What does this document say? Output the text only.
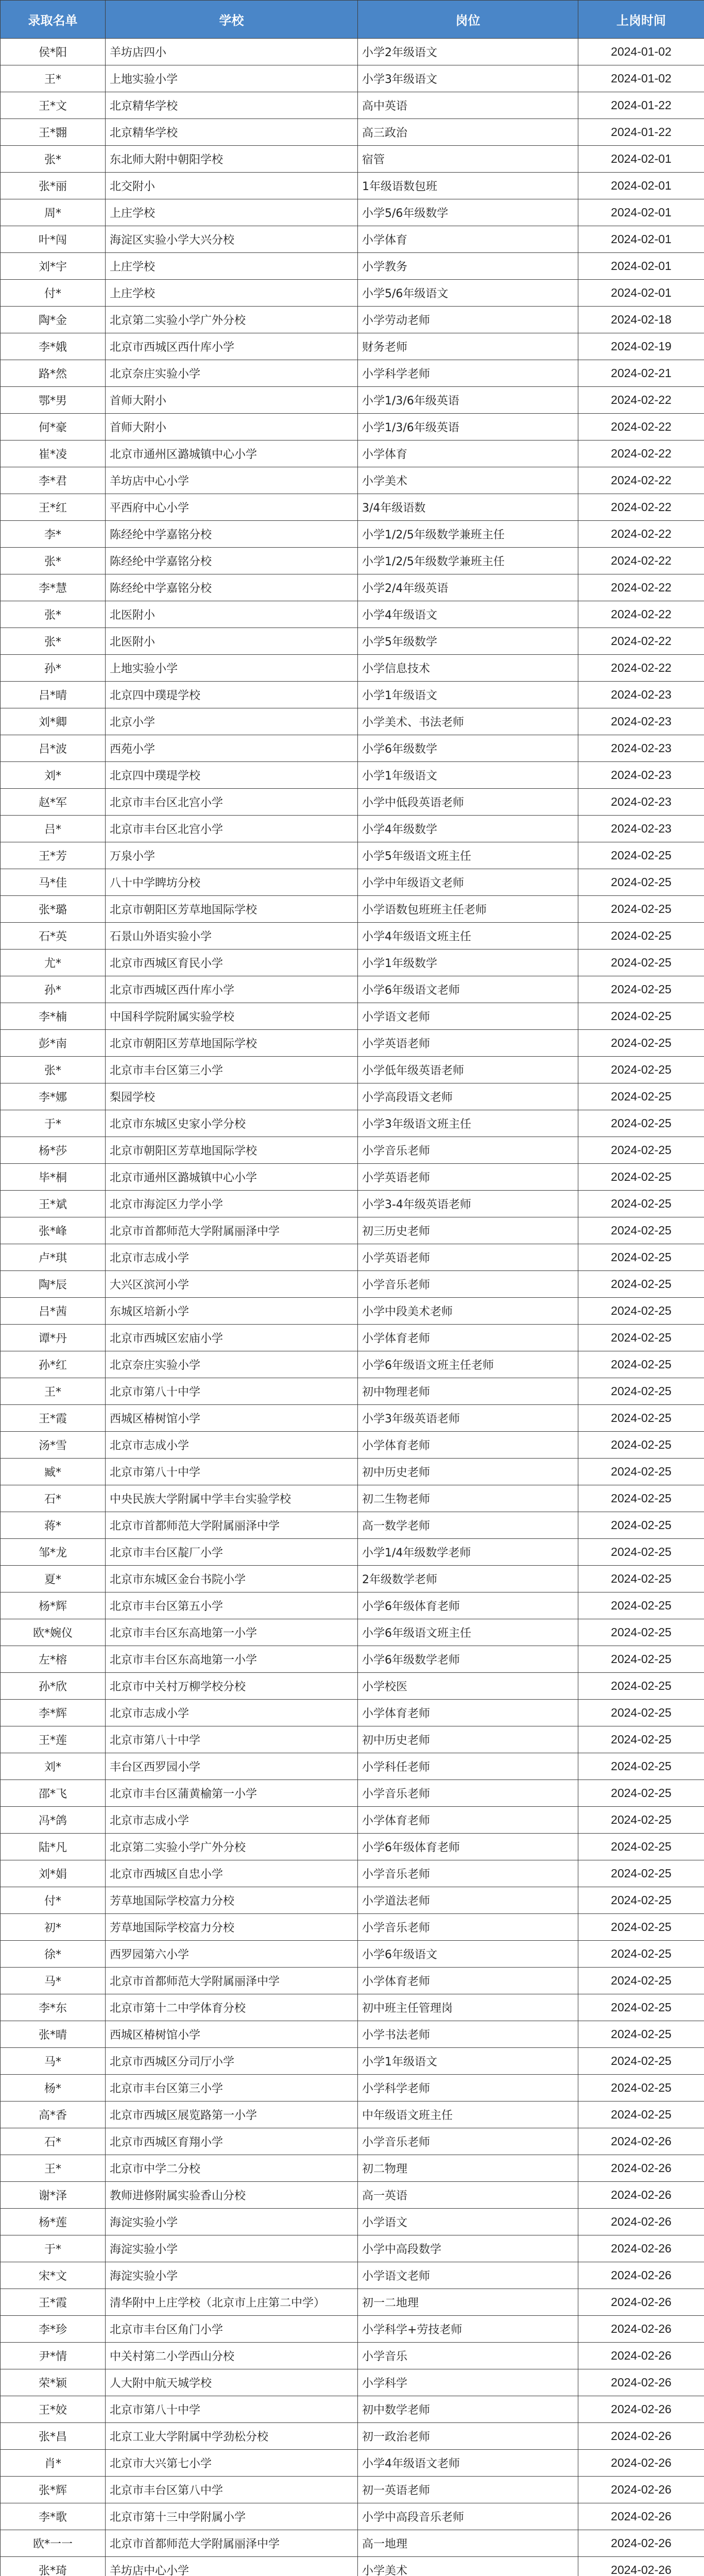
录取名单	学校	岗位	上岗时间
侯*阳	羊坊店四小	小学2年级语文	2024-01-02
王*	上地实验小学	小学3年级语文	2024-01-02
王*文	北京精华学校	高中英语	2024-01-22
王*翾	北京精华学校	高三政治	2024-01-22
张*	东北师大附中朝阳学校	宿管	2024-02-01
张*丽	北交附小	1年级语数包班	2024-02-01
周*	上庄学校	小学5/6年级数学	2024-02-01
叶*闯	海淀区实验小学大兴分校	小学体育	2024-02-01
刘*宇	上庄学校	小学教务	2024-02-01
付*	上庄学校	小学5/6年级语文	2024-02-01
陶*金	北京第二实验小学广外分校	小学劳动老师	2024-02-18
李*娥	北京市西城区西什库小学	财务老师	2024-02-19
路*然	北京奈庄实验小学	小学科学老师	2024-02-21
鄂*男	首师大附小	小学1/3/6年级英语	2024-02-22
何*豪	首师大附小	小学1/3/6年级英语	2024-02-22
崔*凌	北京市通州区潞城镇中心小学	小学体育	2024-02-22
李*君	羊坊店中心小学	小学美术	2024-02-22
王*红	平西府中心小学	3/4年级语数	2024-02-22
李*	陈经纶中学嘉铭分校	小学1/2/5年级数学兼班主任	2024-02-22
张*	陈经纶中学嘉铭分校	小学1/2/5年级数学兼班主任	2024-02-22
李*慧	陈经纶中学嘉铭分校	小学2/4年级英语	2024-02-22
张*	北医附小	小学4年级语文	2024-02-22
张*	北医附小	小学5年级数学	2024-02-22
孙*	上地实验小学	小学信息技术	2024-02-22
吕*晴	北京四中璞瑅学校	小学1年级语文	2024-02-23
刘*卿	北京小学	小学美术、书法老师	2024-02-23
吕*波	西苑小学	小学6年级数学	2024-02-23
刘*	北京四中璞瑅学校	小学1年级语文	2024-02-23
赵*军	北京市丰台区北宫小学	小学中低段英语老师	2024-02-23
吕*	北京市丰台区北宫小学	小学4年级数学	2024-02-23
王*芳	万泉小学	小学5年级语文班主任	2024-02-25
马*佳	八十中学睥坊分校	小学中年级语文老师	2024-02-25
张*璐	北京市朝阳区芳草地国际学校	小学语数包班班主任老师	2024-02-25
石*英	石景山外语实验小学	小学4年级语文班主任	2024-02-25
尤*	北京市西城区育民小学	小学1年级数学	2024-02-25
孙*	北京市西城区西什库小学	小学6年级语文老师	2024-02-25
李*楠	中国科学院附属实验学校	小学语文老师	2024-02-25
彭*南	北京市朝阳区芳草地国际学校	小学英语老师	2024-02-25
张*	北京市丰台区第三小学	小学低年级英语老师	2024-02-25
李*娜	梨园学校	小学高段语文老师	2024-02-25
于*	北京市东城区史家小学分校	小学3年级语文班主任	2024-02-25
杨*莎	北京市朝阳区芳草地国际学校	小学音乐老师	2024-02-25
毕*桐	北京市通州区潞城镇中心小学	小学英语老师	2024-02-25
王*斌	北京市海淀区力学小学	小学3-4年级英语老师	2024-02-25
张*峰	北京市首都师范大学附属丽泽中学	初三历史老师	2024-02-25
卢*琪	北京市志成小学	小学英语老师	2024-02-25
陶*辰	大兴区滨河小学	小学音乐老师	2024-02-25
吕*茜	东城区培新小学	小学中段美术老师	2024-02-25
谭*丹	北京市西城区宏庙小学	小学体育老师	2024-02-25
孙*红	北京奈庄实验小学	小学6年级语文班主任老师	2024-02-25
王*	北京市第八十中学	初中物理老师	2024-02-25
王*霞	西城区椿树馆小学	小学3年级英语老师	2024-02-25
汤*雪	北京市志成小学	小学体育老师	2024-02-25
臧*	北京市第八十中学	初中历史老师	2024-02-25
石*	中央民族大学附属中学丰台实验学校	初二生物老师	2024-02-25
蒋*	北京市首都师范大学附属丽泽中学	高一数学老师	2024-02-25
邹*龙	北京市丰台区靛厂小学	小学1/4年级数学老师	2024-02-25
夏*	北京市东城区金台书院小学	2年级数学老师	2024-02-25
杨*辉	北京市丰台区第五小学	小学6年级体育老师	2024-02-25
欧*婉仪	北京市丰台区东高地第一小学	小学6年级语文班主任	2024-02-25
左*榕	北京市丰台区东高地第一小学	小学6年级数学老师	2024-02-25
孙*欣	北京市中关村万柳学校分校	小学校医	2024-02-25
李*辉	北京市志成小学	小学体育老师	2024-02-25
王*莲	北京市第八十中学	初中历史老师	2024-02-25
刘*	丰台区西罗园小学	小学科任老师	2024-02-25
邵*飞	北京市丰台区蒲黄榆第一小学	小学音乐老师	2024-02-25
冯*鸽	北京市志成小学	小学体育老师	2024-02-25
陆*凡	北京第二实验小学广外分校	小学6年级体育老师	2024-02-25
刘*娟	北京市西城区自忠小学	小学音乐老师	2024-02-25
付*	芳草地国际学校富力分校	小学道法老师	2024-02-25
初*	芳草地国际学校富力分校	小学音乐老师	2024-02-25
徐*	西罗园第六小学	小学6年级语文	2024-02-25
马*	北京市首都师范大学附属丽泽中学	小学体育老师	2024-02-25
李*东	北京市第十二中学体育分校	初中班主任管理岗	2024-02-25
张*晴	西城区椿树馆小学	小学书法老师	2024-02-25
马*	北京市西城区分司厅小学	小学1年级语文	2024-02-25
杨*	北京市丰台区第三小学	小学科学老师	2024-02-25
高*香	北京市西城区展览路第一小学	中年级语文班主任	2024-02-25
石*	北京市西城区育翔小学	小学音乐老师	2024-02-26
王*	北京市中学二分校	初二物理	2024-02-26
谢*泽	教师进修附属实验香山分校	高一英语	2024-02-26
杨*莲	海淀实验小学	小学语文	2024-02-26
于*	海淀实验小学	小学中高段数学	2024-02-26
宋*文	海淀实验小学	小学语文老师	2024-02-26
王*霞	清华附中上庄学校（北京市上庄第二中学）	初一二地理	2024-02-26
李*珍	北京市丰台区角门小学	小学科学+劳技老师	2024-02-26
尹*情	中关村第二小学西山分校	小学音乐	2024-02-26
荣*颖	人大附中航天城学校	小学科学	2024-02-26
王*姣	北京市第八十中学	初中数学老师	2024-02-26
张*昌	北京工业大学附属中学劲松分校	初一政治老师	2024-02-26
肖*	北京市大兴第七小学	小学4年级语文老师	2024-02-26
张*辉	北京市丰台区第八中学	初一英语老师	2024-02-26
李*歌	北京市第十三中学附属小学	小学中高段音乐老师	2024-02-26
欧*一一	北京市首都师范大学附属丽泽中学	高一地理	2024-02-26
张*琦	羊坊店中心小学	小学美术	2024-02-26
